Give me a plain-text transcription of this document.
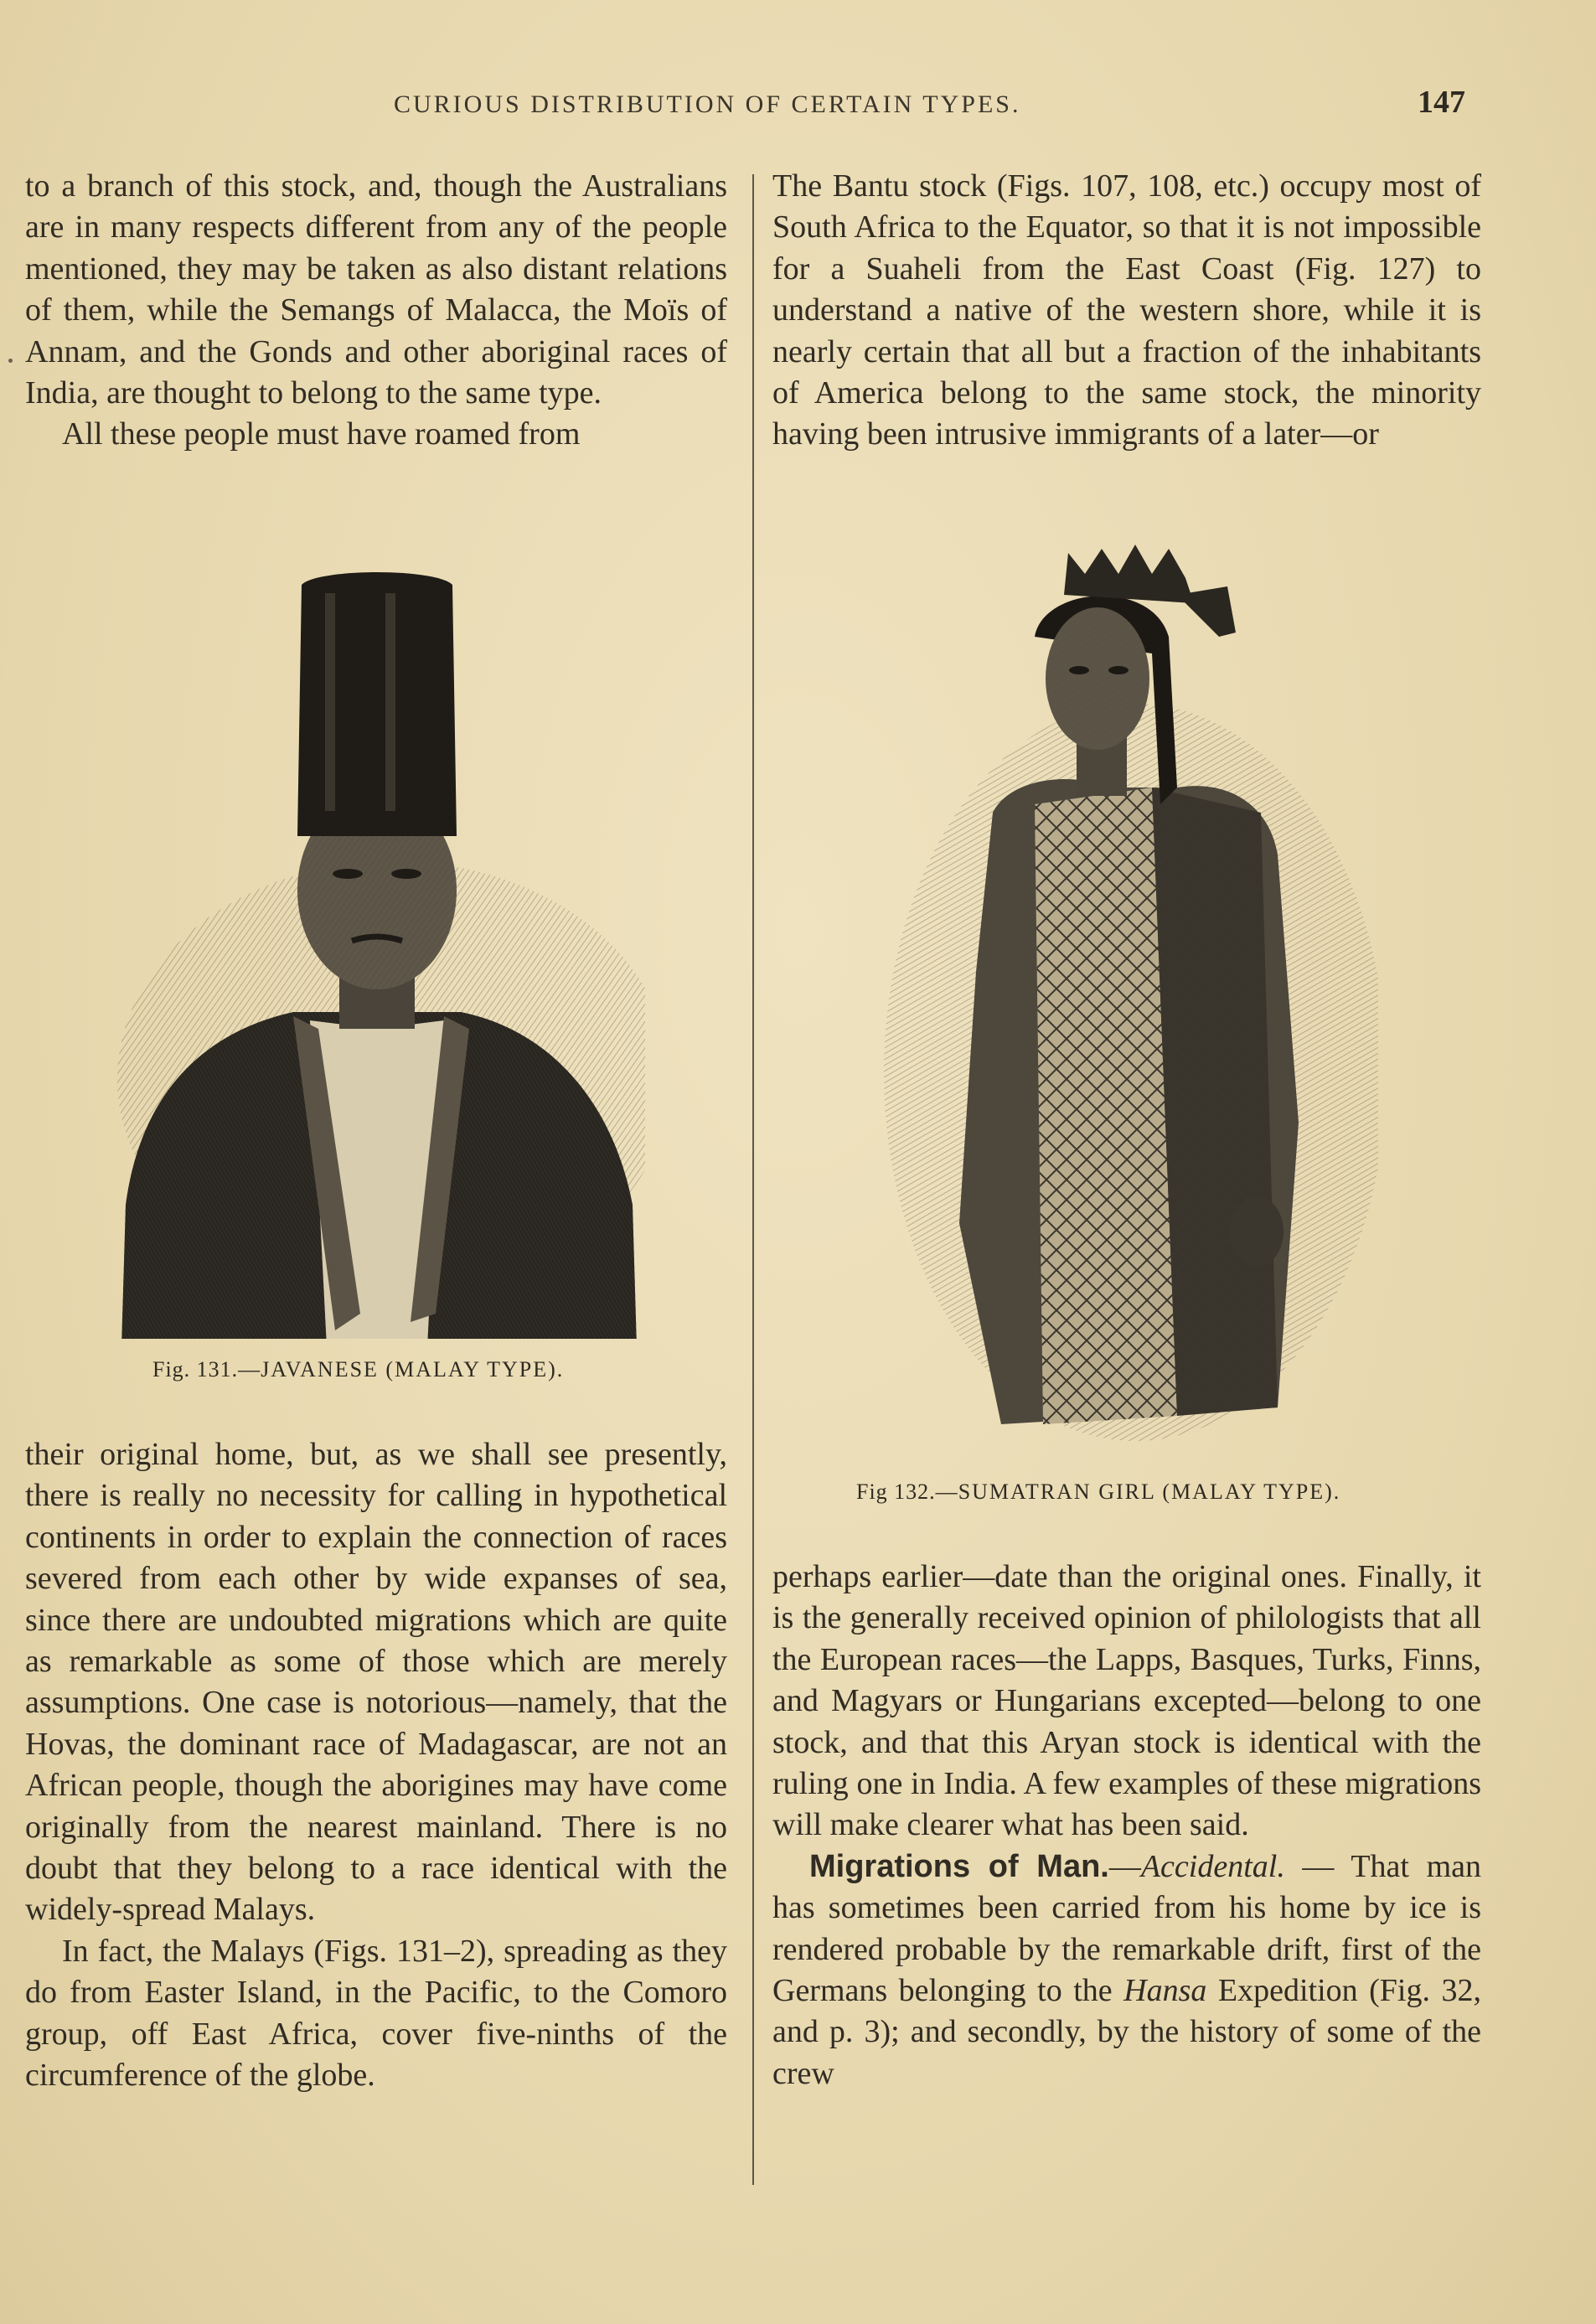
CURIOUS DISTRIBUTION OF CERTAIN TYPES.	147

to a branch of this stock, and, though the Australians are in many respects different from any of the people mentioned, they may be taken as also distant relations of them, while the Semangs of Malacca, the Moïs of Annam, and the Gonds and other aboriginal races of India, are thought to belong to the same type.

All these people must have roamed from

Fig. 131.—JAVANESE (MALAY TYPE).

their original home, but, as we shall see presently, there is really no necessity for calling in hypothetical continents in order to explain the connection of races severed from each other by wide expanses of sea, since there are undoubted migrations which are quite as remarkable as some of those which are merely assumptions. One case is notorious—namely, that the Hovas, the dominant race of Madagascar, are not an African people, though the aborigines may have come originally from the nearest mainland. There is no doubt that they belong to a race identical with the widely-spread Malays.

In fact, the Malays (Figs. 131–2), spreading as they do from Easter Island, in the Pacific, to the Comoro group, off East Africa, cover five-ninths of the circumference of the globe.

The Bantu stock (Figs. 107, 108, etc.) occupy most of South Africa to the Equator, so that it is not impossible for a Suaheli from the East Coast (Fig. 127) to understand a native of the western shore, while it is nearly certain that all but a fraction of the inhabitants of America belong to the same stock, the minority having been intrusive immigrants of a later—or

Fig 132.—SUMATRAN GIRL (MALAY TYPE).

perhaps earlier—date than the original ones. Finally, it is the generally received opinion of philologists that all the European races—the Lapps, Basques, Turks, Finns, and Magyars or Hungarians excepted—belong to one stock, and that this Aryan stock is identical with the ruling one in India. A few examples of these migrations will make clearer what has been said.

Migrations of Man.—Accidental. — That man has sometimes been carried from his home by ice is rendered probable by the remarkable drift, first of the Germans belonging to the Hansa Expedition (Fig. 32, and p. 3); and secondly, by the history of some of the crew
